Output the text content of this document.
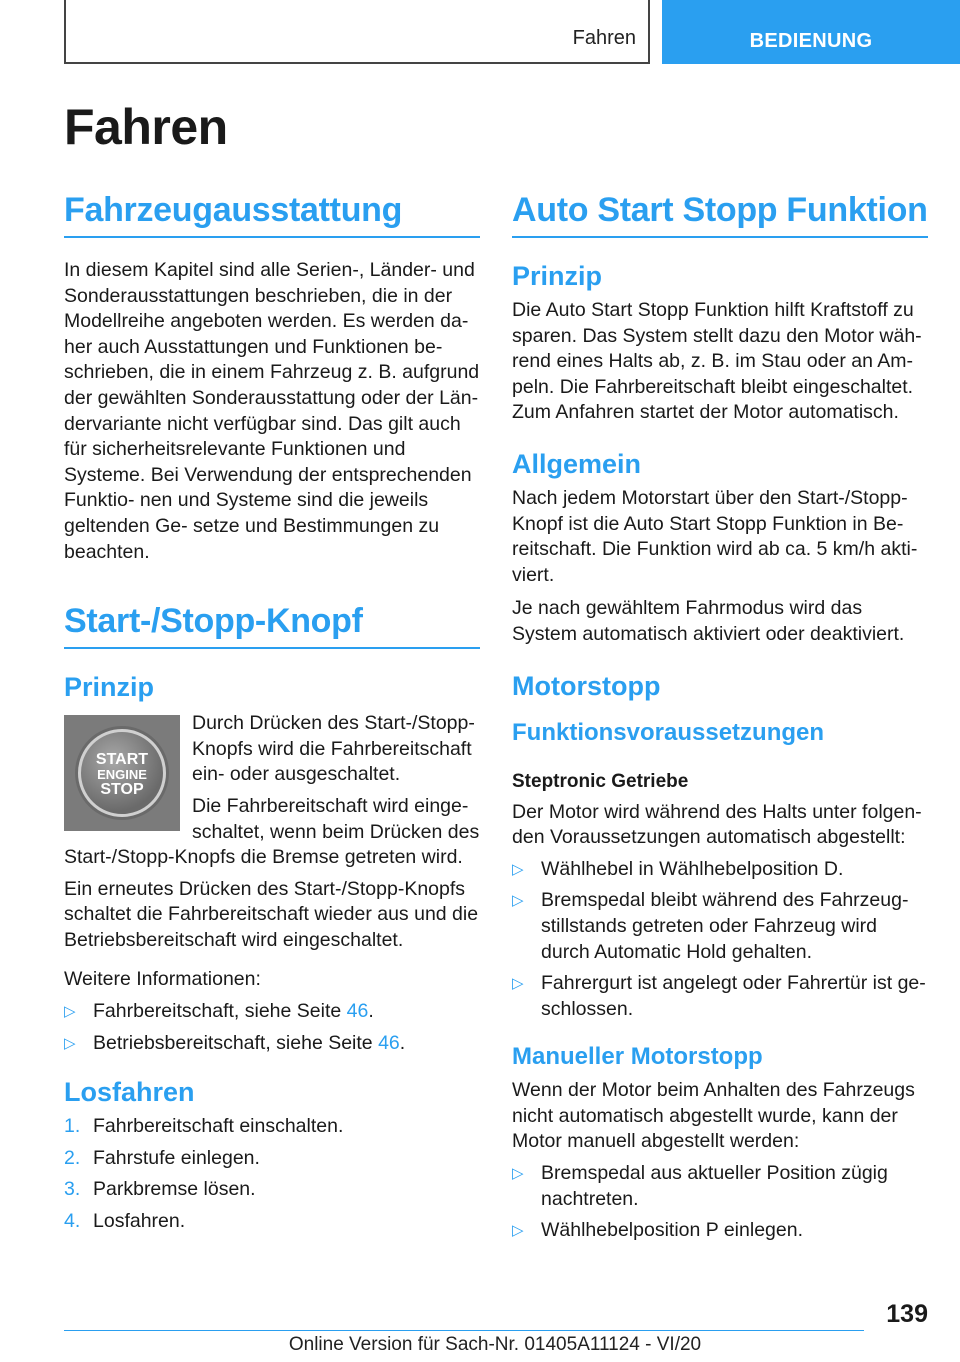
Fahren	BEDIENUNG
Fahren
Fahrzeugausstattung

In diesem Kapitel sind alle Serien-, Länder- und Sonderausstattungen beschrieben, die in der Modellreihe angeboten werden. Es werden da‐ her auch Ausstattungen und Funktionen be‐ schrieben, die in einem Fahrzeug z. B. aufgrund der gewählten Sonderausstattung oder der Län‐ dervariante nicht verfügbar sind. Das gilt auch für sicherheitsrelevante Funktionen und Systeme. Bei Verwendung der entsprechenden Funktio‐ nen und Systeme sind die jeweils geltenden Ge‐ setze und Bestimmungen zu beachten.

Start-/Stopp-Knopf
Prinzip
START
ENGINE
STOP

Durch Drücken des Start-/Stopp-Knopfs wird die Fahrbereitschaft ein- oder ausgeschaltet.

Die Fahrbereitschaft wird einge‐ schaltet, wenn beim Drücken des Start-/Stopp-Knopfs die Bremse getreten wird.

Ein erneutes Drücken des Start-/Stopp-Knopfs schaltet die Fahrbereitschaft wieder aus und die Betriebsbereitschaft wird eingeschaltet.

Weitere Informationen:

▷ Fahrbereitschaft, siehe Seite 46.
▷ Betriebsbereitschaft, siehe Seite 46.
Losfahren
1. Fahrbereitschaft einschalten.
2. Fahrstufe einlegen.
3. Parkbremse lösen.
4. Losfahren.
Auto Start Stopp Funktion
Prinzip

Die Auto Start Stopp Funktion hilft Kraftstoff zu sparen. Das System stellt dazu den Motor wäh‐ rend eines Halts ab, z. B. im Stau oder an Am‐ peln. Die Fahrbereitschaft bleibt eingeschaltet. Zum Anfahren startet der Motor automatisch.

Allgemein

Nach jedem Motorstart über den Start-/Stopp-Knopf ist die Auto Start Stopp Funktion in Be‐ reitschaft. Die Funktion wird ab ca. 5 km/h akti‐ viert.

Je nach gewähltem Fahrmodus wird das System automatisch aktiviert oder deaktiviert.

Motorstopp
Funktionsvoraussetzungen
Steptronic Getriebe

Der Motor wird während des Halts unter folgen‐ den Voraussetzungen automatisch abgestellt:

▷ Wählhebel in Wählhebelposition D.
▷ Bremspedal bleibt während des Fahrzeug‐ stillstands getreten oder Fahrzeug wird durch Automatic Hold gehalten.
▷ Fahrergurt ist angelegt oder Fahrertür ist ge‐ schlossen.
Manueller Motorstopp

Wenn der Motor beim Anhalten des Fahrzeugs nicht automatisch abgestellt wurde, kann der Motor manuell abgestellt werden:

▷ Bremspedal aus aktueller Position zügig nachtreten.
▷ Wählhebelposition P einlegen.
139
Online Version für Sach-Nr. 01405A11124 - VI/20
